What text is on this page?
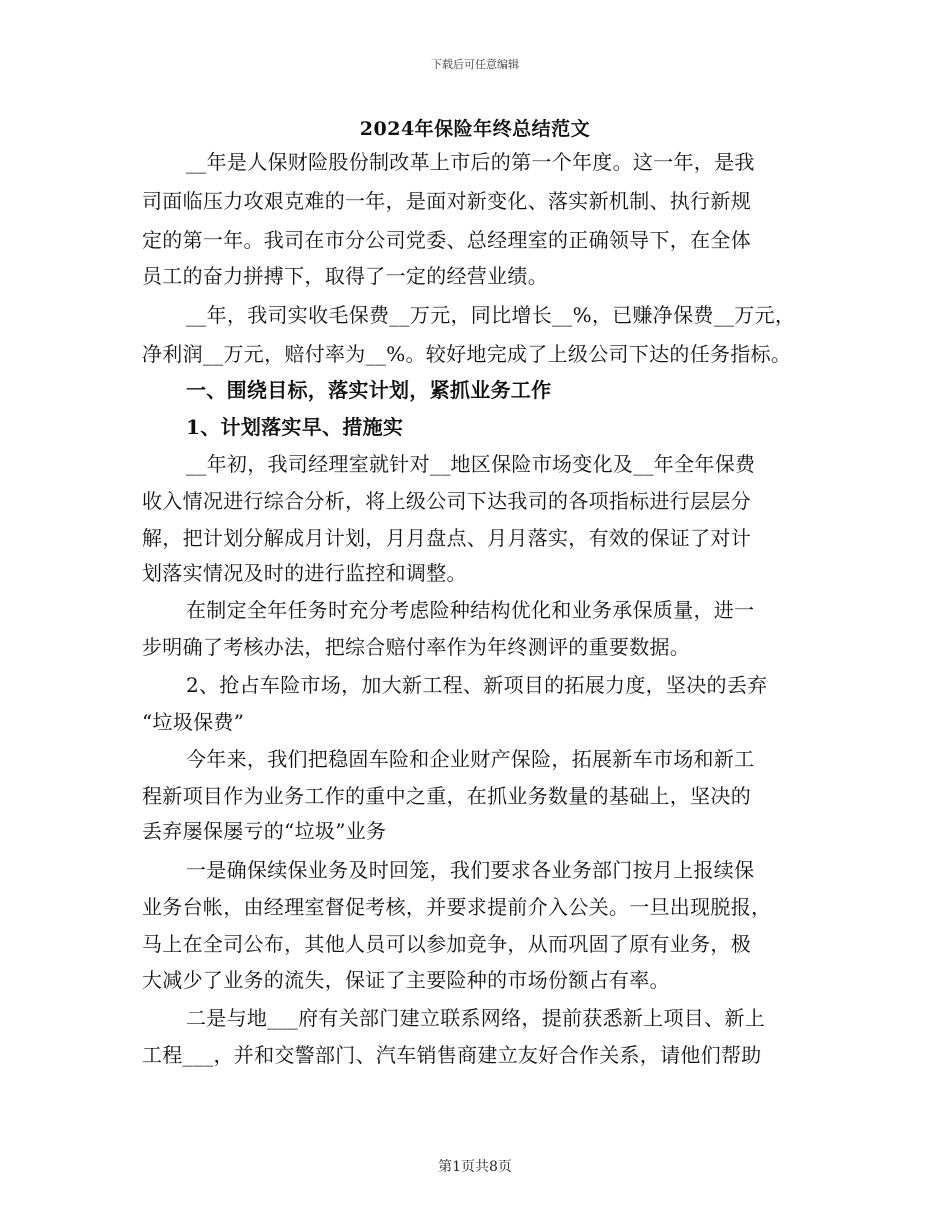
下载后可任意编辑
2024年保险年终总结范文
__年是人保财险股份制改革上市后的第一个年度。这一年，是我
司面临压力攻艰克难的一年，是面对新变化、落实新机制、执行新规
定的第一年。我司在市分公司党委、总经理室的正确领导下，在全体
员工的奋力拼搏下，取得了一定的经营业绩。
__年，我司实收毛保费__万元，同比增长__%，已赚净保费__万元，
净利润__万元，赔付率为__%。较好地完成了上级公司下达的任务指标。
一、围绕目标，落实计划，紧抓业务工作
1、计划落实早、措施实
__年初，我司经理室就针对__地区保险市场变化及__年全年保费
收入情况进行综合分析，将上级公司下达我司的各项指标进行层层分
解，把计划分解成月计划，月月盘点、月月落实，有效的保证了对计
划落实情况及时的进行监控和调整。
在制定全年任务时充分考虑险种结构优化和业务承保质量，进一
步明确了考核办法，把综合赔付率作为年终测评的重要数据。
2、抢占车险市场，加大新工程、新项目的拓展力度，坚决的丢弃
“垃圾保费”
今年来，我们把稳固车险和企业财产保险，拓展新车市场和新工
程新项目作为业务工作的重中之重，在抓业务数量的基础上，坚决的
丢弃屡保屡亏的“垃圾”业务
一是确保续保业务及时回笼，我们要求各业务部门按月上报续保
业务台帐，由经理室督促考核，并要求提前介入公关。一旦出现脱报，
马上在全司公布，其他人员可以参加竞争，从而巩固了原有业务，极
大减少了业务的流失，保证了主要险种的市场份额占有率。
二是与地___府有关部门建立联系网络，提前获悉新上项目、新上
工程___，并和交警部门、汽车销售商建立友好合作关系，请他们帮助
第1页共8页
